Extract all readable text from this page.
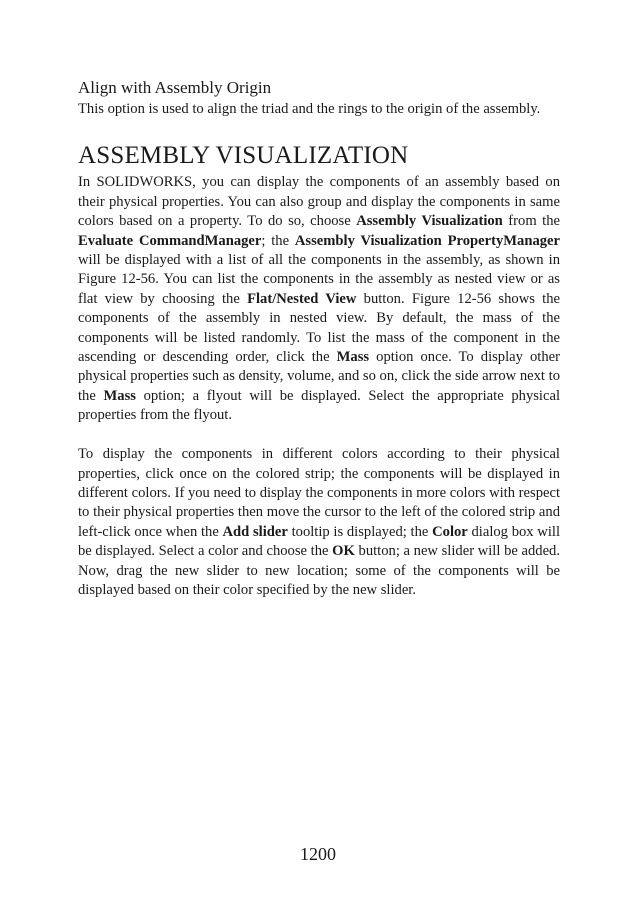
Align with Assembly Origin

This option is used to align the triad and the rings to the origin of the assembly.

ASSEMBLY VISUALIZATION

In SOLIDWORKS, you can display the components of an assembly based on their physical properties. You can also group and display the components in same colors based on a property. To do so, choose Assembly Visualization from the Evaluate CommandManager; the Assembly Visualization PropertyManager will be displayed with a list of all the components in the assembly, as shown in Figure 12-56. You can list the components in the assembly as nested view or as flat view by choosing the Flat/Nested View button. Figure 12-56 shows the components of the assembly in nested view. By default, the mass of the components will be listed randomly. To list the mass of the component in the ascending or descending order, click the Mass option once. To display other physical properties such as density, volume, and so on, click the side arrow next to the Mass option; a flyout will be displayed. Select the appropriate physical properties from the flyout.

To display the components in different colors according to their physical properties, click once on the colored strip; the components will be displayed in different colors. If you need to display the components in more colors with respect to their physical properties then move the cursor to the left of the colored strip and left-click once when the Add slider tooltip is displayed; the Color dialog box will be displayed. Select a color and choose the OK button; a new slider will be added. Now, drag the new slider to new location; some of the components will be displayed based on their color specified by the new slider.

1200
